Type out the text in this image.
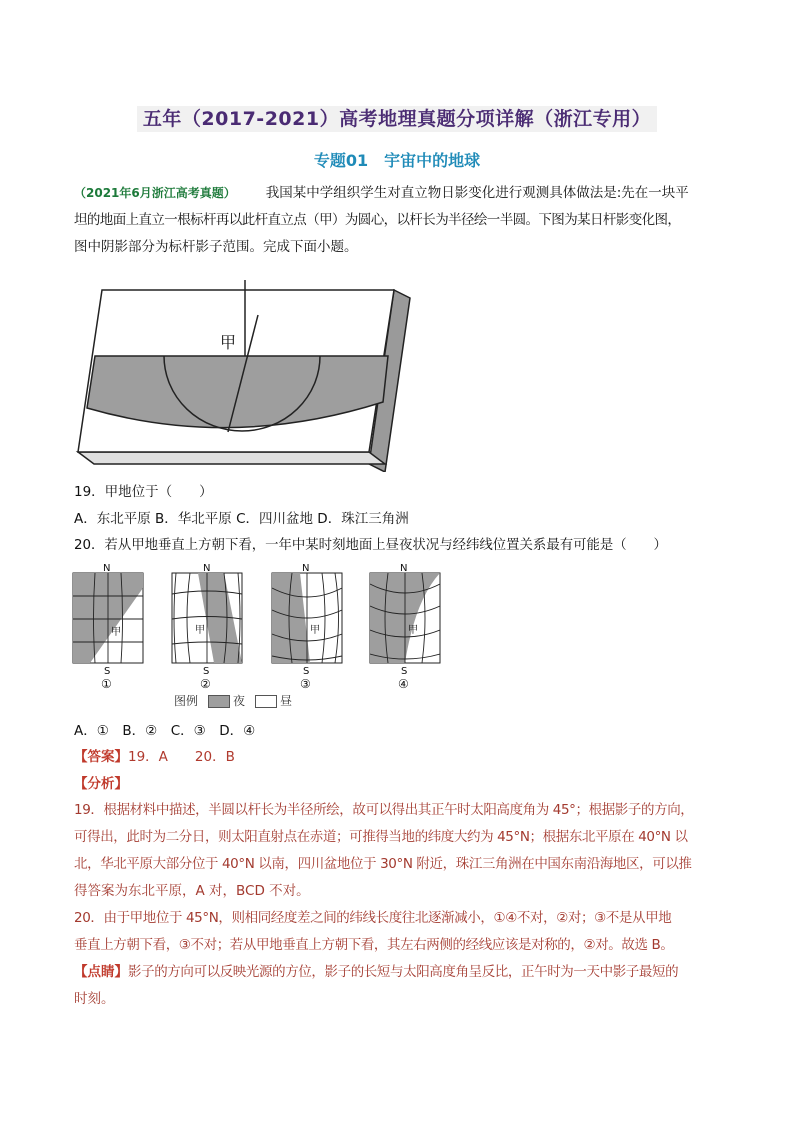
五年（2017-2021）高考地理真题分项详解（浙江专用）
专题01　宇宙中的地球
（2021年6月浙江高考真题） 我国某中学组织学生对直立物日影变化进行观测具体做法是:先在一块平
坦的地面上直立一根标杆再以此杆直立点（甲）为圆心，以杆长为半径绘一半圆。下图为某日杆影变化图，
图中阴影部分为标杆影子范围。完成下面小题。
甲
19．甲地位于（　　）
A．东北平原 B．华北平原 C．四川盆地 D．珠江三角洲
20．若从甲地垂直上方朝下看，一年中某时刻地面上昼夜状况与经纬线位置关系最有可能是（　　）
N
甲
S
①
N
甲
S
②
N
甲
S
③
N
甲
S
④
图例	夜	昼
A．①　B．②　C．③　D．④
【答案】19．A　　20．B
【分析】
19．根据材料中描述，半圆以杆长为半径所绘，故可以得出其正午时太阳高度角为 45°；根据影子的方向，
可得出，此时为二分日，则太阳直射点在赤道；可推得当地的纬度大约为 45°N；根据东北平原在 40°N 以
北，华北平原大部分位于 40°N 以南，四川盆地位于 30°N 附近，珠江三角洲在中国东南沿海地区，可以推
得答案为东北平原，A 对，BCD 不对。
20．由于甲地位于 45°N，则相同经度差之间的纬线长度往北逐渐减小，①④不对，②对；③不是从甲地
垂直上方朝下看，③不对；若从甲地垂直上方朝下看，其左右两侧的经线应该是对称的，②对。故选 B。
【点睛】影子的方向可以反映光源的方位，影子的长短与太阳高度角呈反比，正午时为一天中影子最短的
时刻。
